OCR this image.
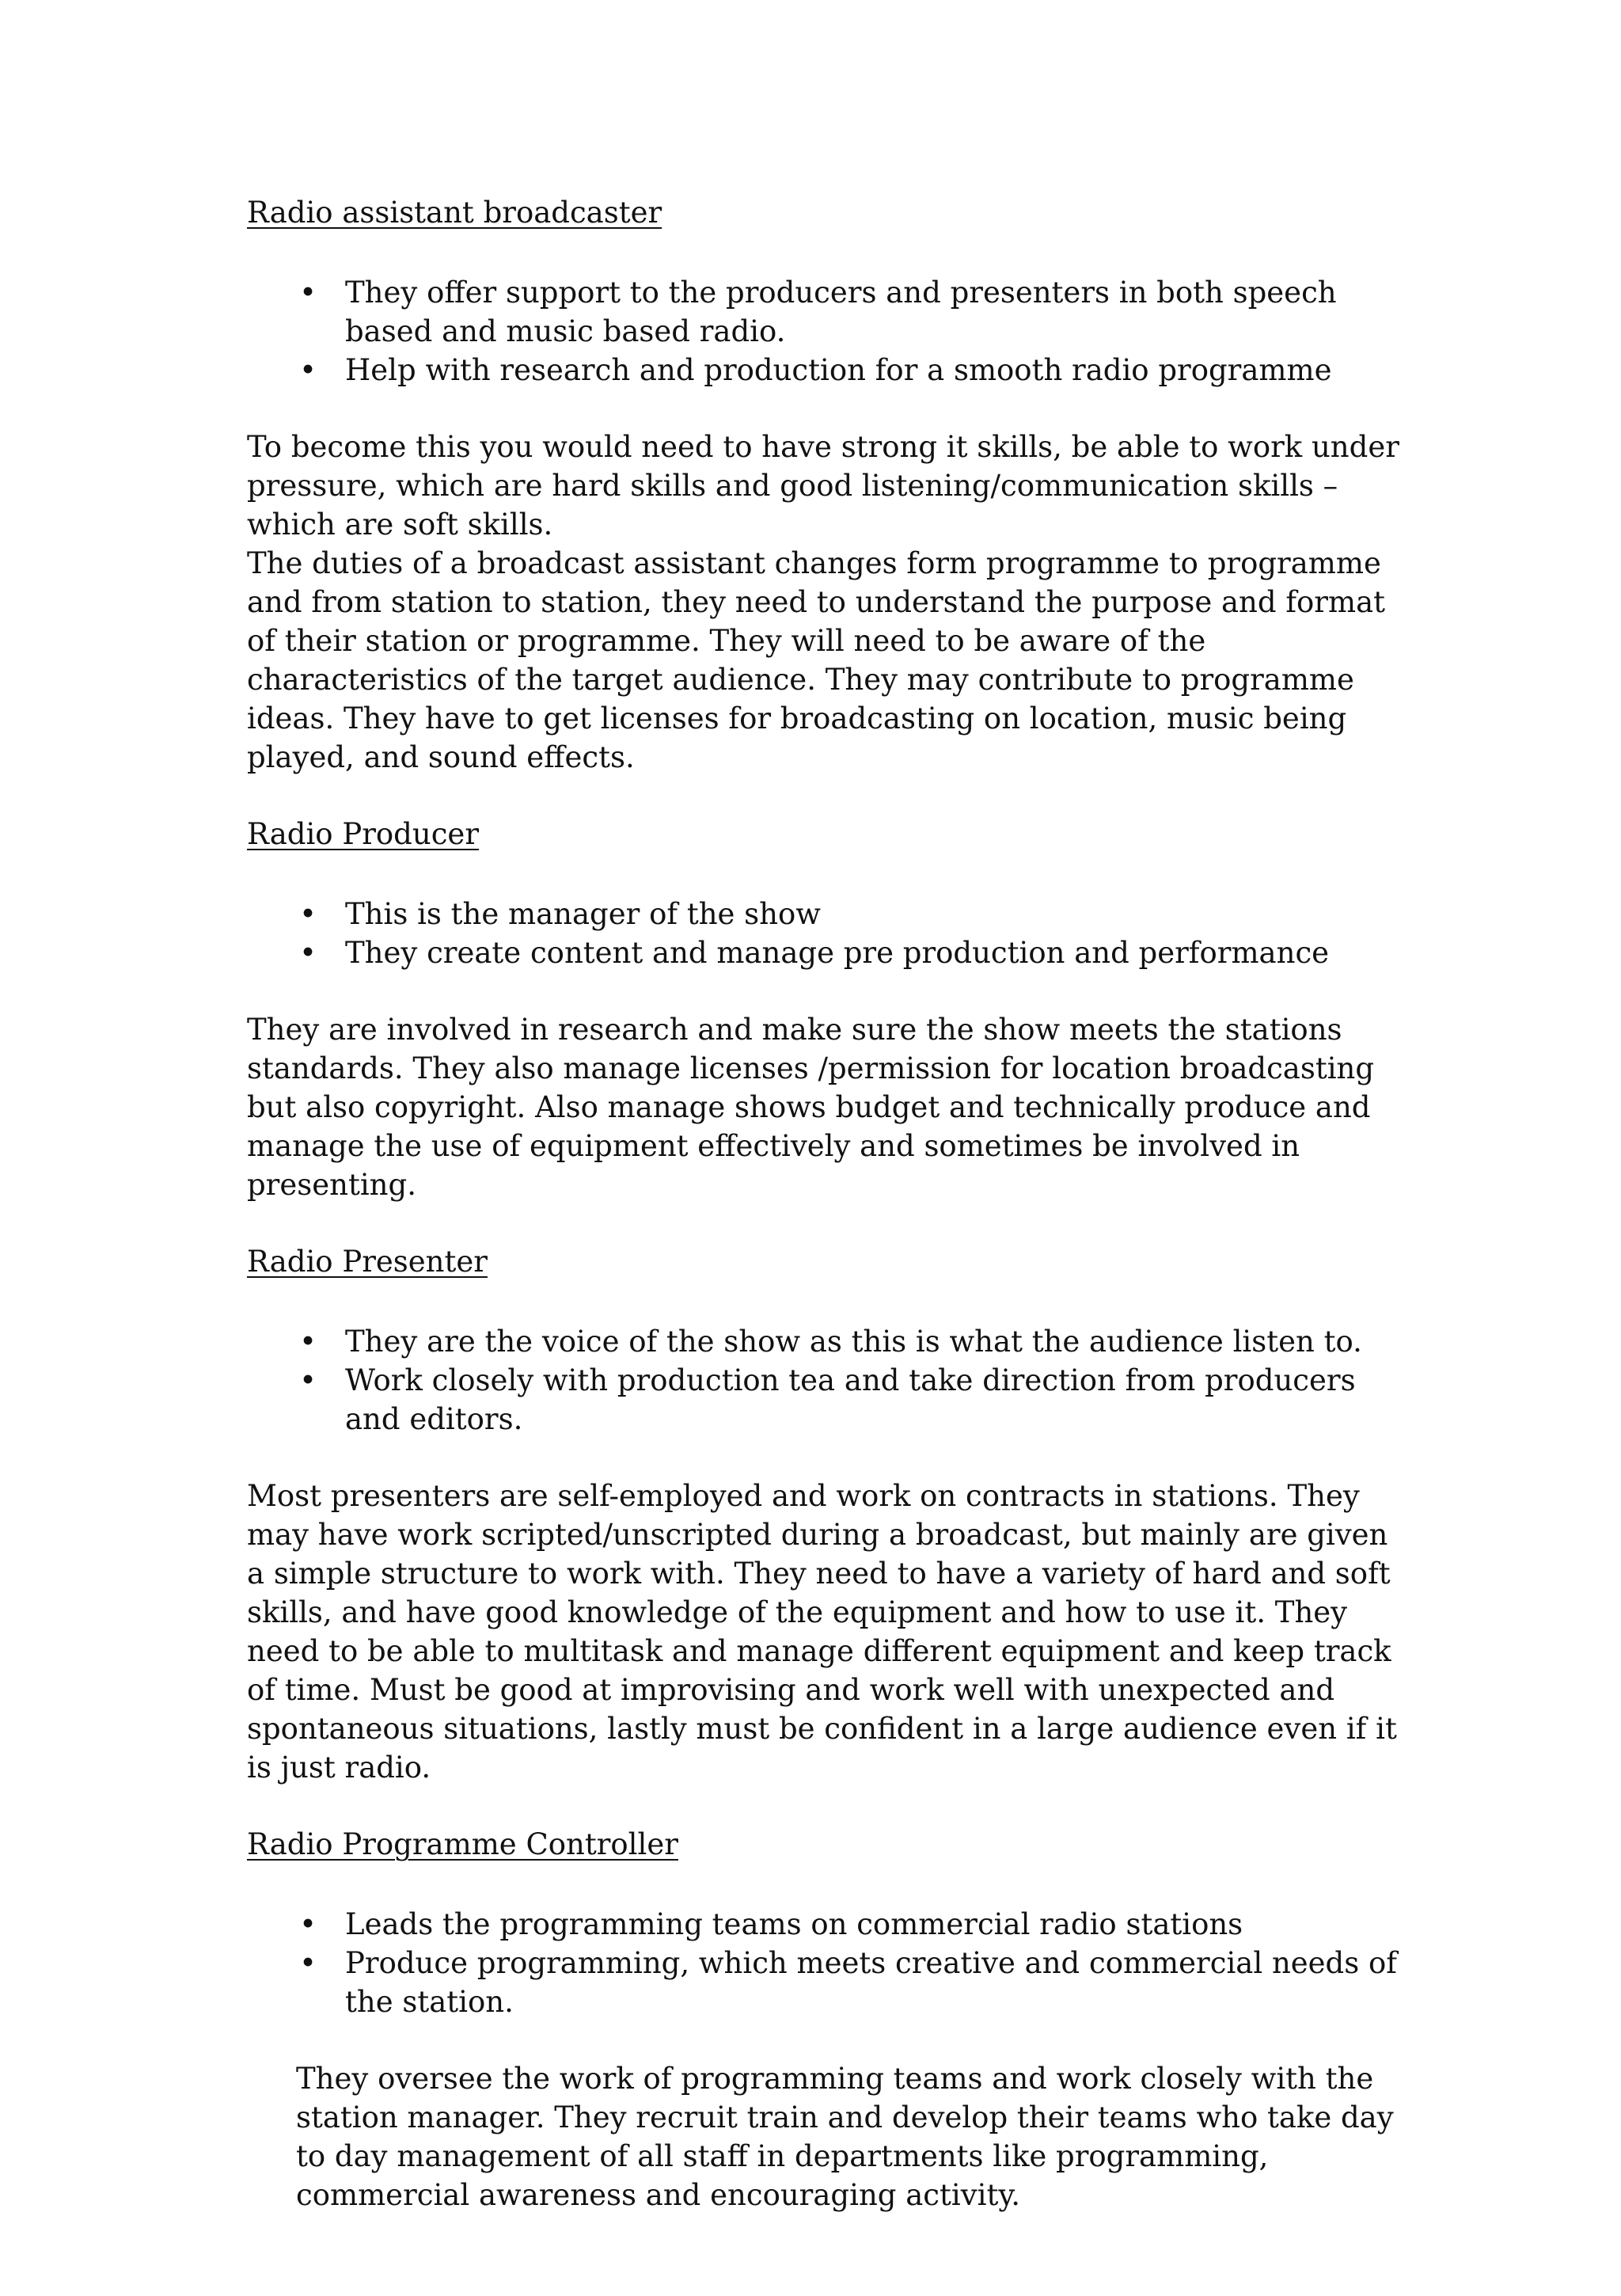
Radio assistant broadcaster
• They offer support to the producers and presenters in both speech based and music based radio.
• Help with research and production for a smooth radio programme

To become this you would need to have strong it skills, be able to work under pressure, which are hard skills and good listening/communication skills – which are soft skills.

The duties of a broadcast assistant changes form programme to programme and from station to station, they need to understand the purpose and format of their station or programme. They will need to be aware of the characteristics of the target audience. They may contribute to programme ideas. They have to get licenses for broadcasting on location, music being played, and sound effects.

Radio Producer
• This is the manager of the show
• They create content and manage pre production and performance

They are involved in research and make sure the show meets the stations standards. They also manage licenses /permission for location broadcasting but also copyright. Also manage shows budget and technically produce and manage the use of equipment effectively and sometimes be involved in presenting.

Radio Presenter
• They are the voice of the show as this is what the audience listen to.
• Work closely with production tea and take direction from producers and editors.

Most presenters are self-employed and work on contracts in stations. They may have work scripted/unscripted during a broadcast, but mainly are given a simple structure to work with. They need to have a variety of hard and soft skills, and have good knowledge of the equipment and how to use it. They need to be able to multitask and manage different equipment and keep track of time. Must be good at improvising and work well with unexpected and spontaneous situations, lastly must be confident in a large audience even if it is just radio.

Radio Programme Controller
• Leads the programming teams on commercial radio stations
• Produce programming, which meets creative and commercial needs of the station.

They oversee the work of programming teams and work closely with the station manager. They recruit train and develop their teams who take day to day management of all staff in departments like programming, commercial awareness and encouraging activity.
